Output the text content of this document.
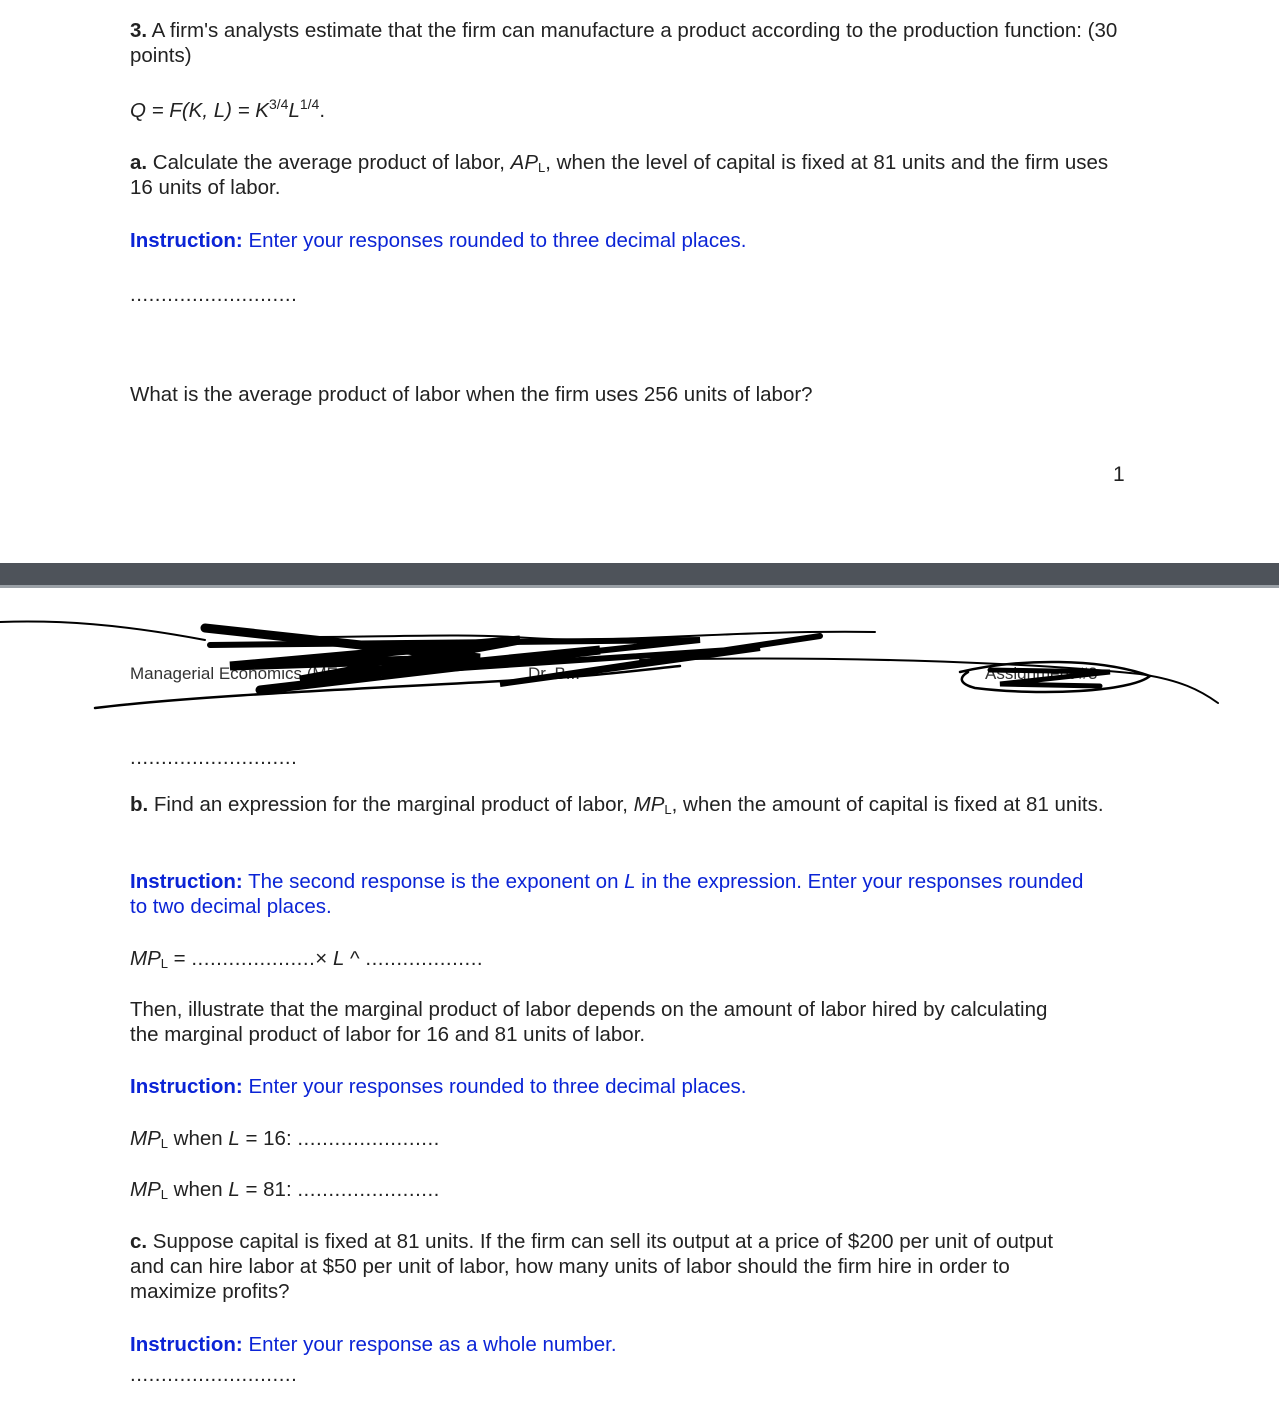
3. A firm's analysts estimate that the firm can manufacture a product according to the production function: (30 points)
Q = F(K, $L) = K^{3/4}L^{1/4}$.
a. Calculate the average product of labor, $AP_L$, when the level of capital is fixed at 81 units and the firm uses 16 units of labor.
Instruction: Enter your responses rounded to three decimal places.
...........................
What is the average product of labor when the firm uses 256 units of labor?
1
Managerial Economics (ME...)	Dr. B...	Assignment #3
...........................
b. Find an expression for the marginal product of labor, $MP_L$, when the amount of capital is fixed at 81 units.
Instruction: The second response is the exponent on L in the expression. Enter your responses rounded to two decimal places.
$MP_L$ = ....................× L ^ ...................
Then, illustrate that the marginal product of labor depends on the amount of labor hired by calculating the marginal product of labor for 16 and 81 units of labor.
Instruction: Enter your responses rounded to three decimal places.
$MP_L$ when L = 16: .......................
$MP_L$ when L = 81: .......................
c. Suppose capital is fixed at 81 units. If the firm can sell its output at a price of $200 per unit of output and can hire labor at $50 per unit of labor, how many units of labor should the firm hire in order to maximize profits?
Instruction: Enter your response as a whole number.
...........................
